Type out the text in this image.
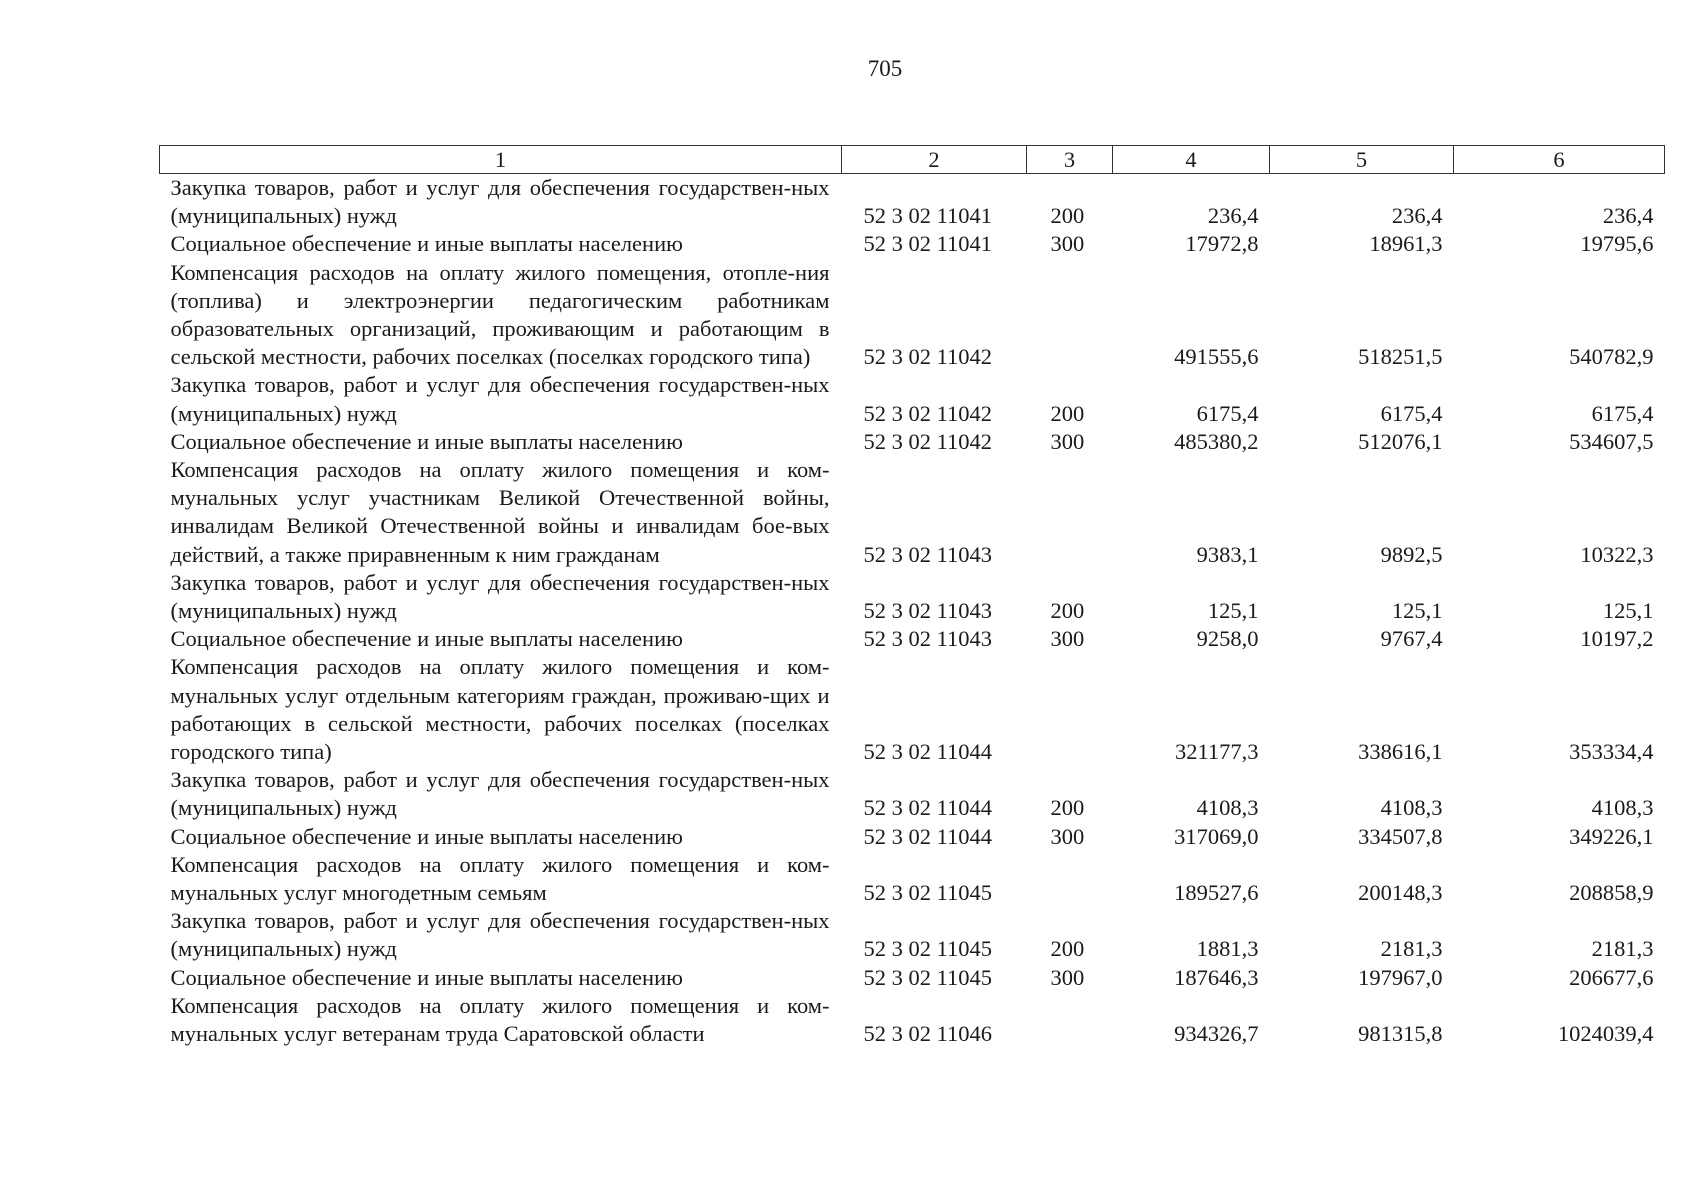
705
1	2	3	4	5	6
Закупка товаров, работ и услуг для обеспечения государствен-ных (муниципальных) нужд	52 3 02 11041	200	236,4	236,4	236,4
Социальное обеспечение и иные выплаты населению	52 3 02 11041	300	17972,8	18961,3	19795,6
Компенсация расходов на оплату жилого помещения, отопле-ния (топлива) и электроэнергии педагогическим работникам образовательных организаций, проживающим и работающим в сельской местности, рабочих поселках (поселках городского типа)	52 3 02 11042		491555,6	518251,5	540782,9
Закупка товаров, работ и услуг для обеспечения государствен-ных (муниципальных) нужд	52 3 02 11042	200	6175,4	6175,4	6175,4
Социальное обеспечение и иные выплаты населению	52 3 02 11042	300	485380,2	512076,1	534607,5
Компенсация расходов на оплату жилого помещения и ком-мунальных услуг участникам Великой Отечественной войны, инвалидам Великой Отечественной войны и инвалидам бое-вых действий, а также приравненным к ним гражданам	52 3 02 11043		9383,1	9892,5	10322,3
Закупка товаров, работ и услуг для обеспечения государствен-ных (муниципальных) нужд	52 3 02 11043	200	125,1	125,1	125,1
Социальное обеспечение и иные выплаты населению	52 3 02 11043	300	9258,0	9767,4	10197,2
Компенсация расходов на оплату жилого помещения и ком-мунальных услуг отдельным категориям граждан, проживаю-щих и работающих в сельской местности, рабочих поселках (поселках городского типа)	52 3 02 11044		321177,3	338616,1	353334,4
Закупка товаров, работ и услуг для обеспечения государствен-ных (муниципальных) нужд	52 3 02 11044	200	4108,3	4108,3	4108,3
Социальное обеспечение и иные выплаты населению	52 3 02 11044	300	317069,0	334507,8	349226,1
Компенсация расходов на оплату жилого помещения и ком-мунальных услуг многодетным семьям	52 3 02 11045		189527,6	200148,3	208858,9
Закупка товаров, работ и услуг для обеспечения государствен-ных (муниципальных) нужд	52 3 02 11045	200	1881,3	2181,3	2181,3
Социальное обеспечение и иные выплаты населению	52 3 02 11045	300	187646,3	197967,0	206677,6
Компенсация расходов на оплату жилого помещения и ком-мунальных услуг ветеранам труда Саратовской области	52 3 02 11046		934326,7	981315,8	1024039,4
